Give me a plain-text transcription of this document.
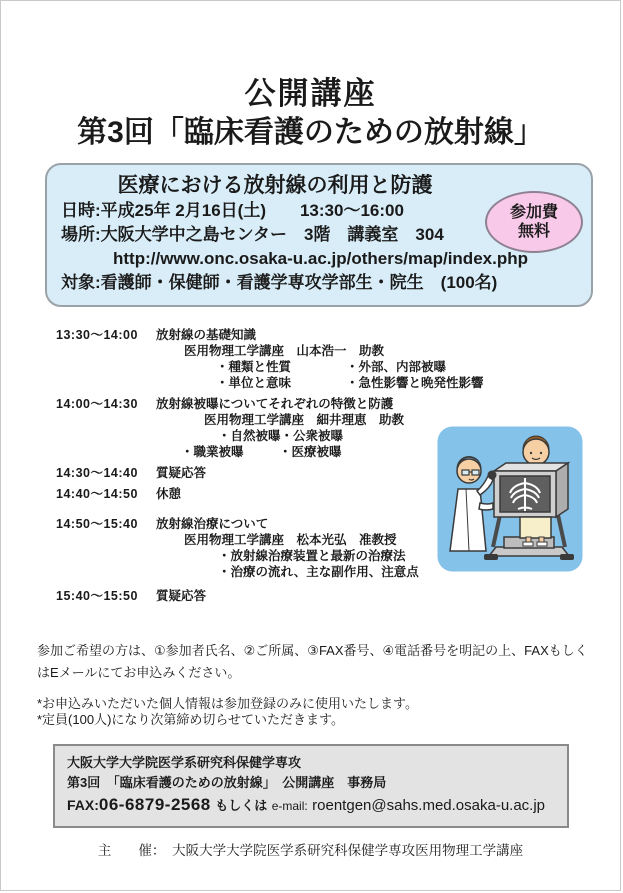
公開講座
第3回「臨床看護のための放射線」
医療における放射線の利用と防護
日時:平成25年 2月16日(土)　　13:30〜16:00
場所:大阪大学中之島センター　3階　講義室　304
http://www.onc.osaka-u.ac.jp/others/map/index.php
対象:看護師・保健師・看護学専攻学部生・院生　(100名)
参加費
無料
13:30〜14:00	放射線の基礎知識
医用物理工学講座　山本浩一　助教
・種類と性質	・外部、内部被曝
・単位と意味	・急性影響と晩発性影響
14:00〜14:30	放射線被曝についてそれぞれの特徴と防護
医用物理工学講座　細井理恵　助教
・自然被曝・公衆被曝
・職業被曝	・医療被曝
14:30〜14:40	質疑応答
14:40〜14:50	休憩
14:50〜15:40	放射線治療について
医用物理工学講座　松本光弘　准教授
・放射線治療装置と最新の治療法
・治療の流れ、主な副作用、注意点
15:40〜15:50	質疑応答
参加ご希望の方は、①参加者氏名、②ご所属、③FAX番号、④電話番号を明記の上、FAXもしくはEメールにてお申込みください。
*お申込みいただいた個人情報は参加登録のみに使用いたします。
*定員(100人)になり次第締め切らせていただきます。
大阪大学大学院医学系研究科保健学専攻
第3回　「臨床看護のための放射線」　公開講座　事務局
FAX:06-6879-2568 もしくは e-mail: roentgen@sahs.med.osaka-u.ac.jp
主　　催：　大阪大学大学院医学系研究科保健学専攻医用物理工学講座
